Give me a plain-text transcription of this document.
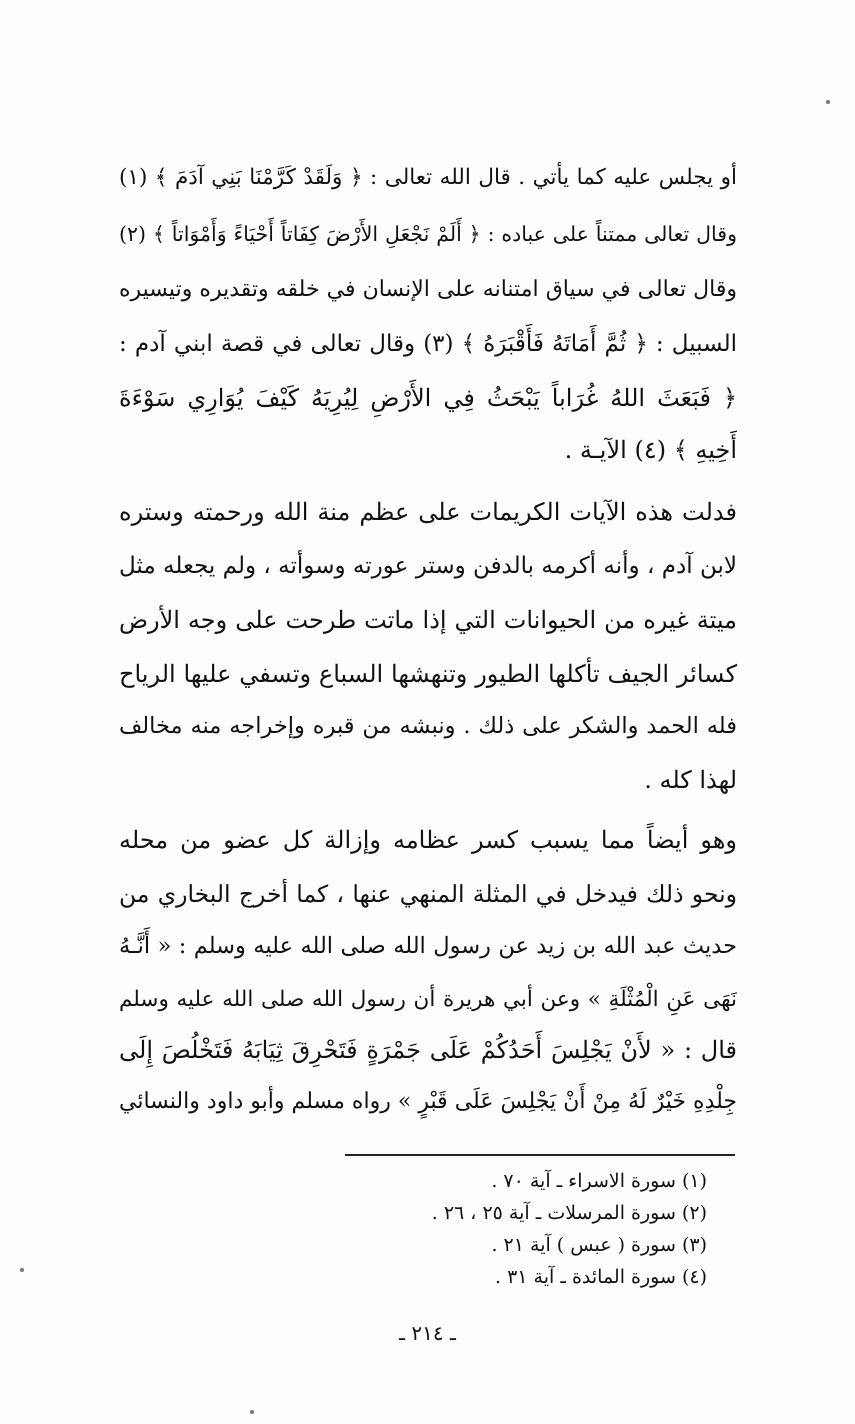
أو يجلس عليه كما يأتي . قال الله تعالى : ﴿ وَلَقَدْ كَرَّمْنَا بَنِي آدَمَ ﴾ (١)
وقال تعالى ممتناً على عباده : ﴿ أَلَمْ نَجْعَلِ الأَرْضَ كِفَاتاً أَحْيَاءً وَأَمْوَاتاً ﴾ (٢)
وقال تعالى في سياق امتنانه على الإنسان في خلقه وتقديره وتيسيره
السبيل : ﴿ ثُمَّ أَمَاتَهُ فَأَقْبَرَهُ ﴾ (٣) وقال تعالى في قصة ابني آدم :
﴿ فَبَعَثَ اللهُ غُرَاباً يَبْحَثُ فِي الأَرْضِ لِيُرِيَهُ كَيْفَ يُوَارِي سَوْءَةَ
أَخِيهِ ﴾ (٤) الآيـة .
فدلت هذه الآيات الكريمات على عظم منة الله ورحمته وستره
لابن آدم ، وأنه أكرمه بالدفن وستر عورته وسوأته ، ولم يجعله مثل
ميتة غيره من الحيوانات التي إذا ماتت طرحت على وجه الأرض
كسائر الجيف تأكلها الطيور وتنهشها السباع وتسفي عليها الرياح
فله الحمد والشكر على ذلك . ونبشه من قبره وإخراجه منه مخالف
لهذا كله .
وهو أيضاً مما يسبب كسر عظامه وإزالة كل عضو من محله
ونحو ذلك فيدخل في المثلة المنهي عنها ، كما أخرج البخاري من
حديث عبد الله بن زيد عن رسول الله صلى الله عليه وسلم : « أَنَّـهُ
نَهَى عَنِ الْمُثْلَةِ » وعن أبي هريرة أن رسول الله صلى الله عليه وسلم
قال : « لأَنْ يَجْلِسَ أَحَدُكُمْ عَلَى جَمْرَةٍ فَتَحْرِقَ ثِيَابَهُ فَتَخْلُصَ إِلَى
جِلْدِهِ خَيْرٌ لَهُ مِنْ أَنْ يَجْلِسَ عَلَى قَبْرٍ » رواه مسلم وأبو داود والنسائي
(١) سورة الاسراء ـ آية ٧٠ .
(٢) سورة المرسلات ـ آية ٢٥ ، ٢٦ .
(٣) سورة ( عبس ) آية ٢١ .
(٤) سورة المائدة ـ آية ٣١ .
ـ ٢١٤ ـ
